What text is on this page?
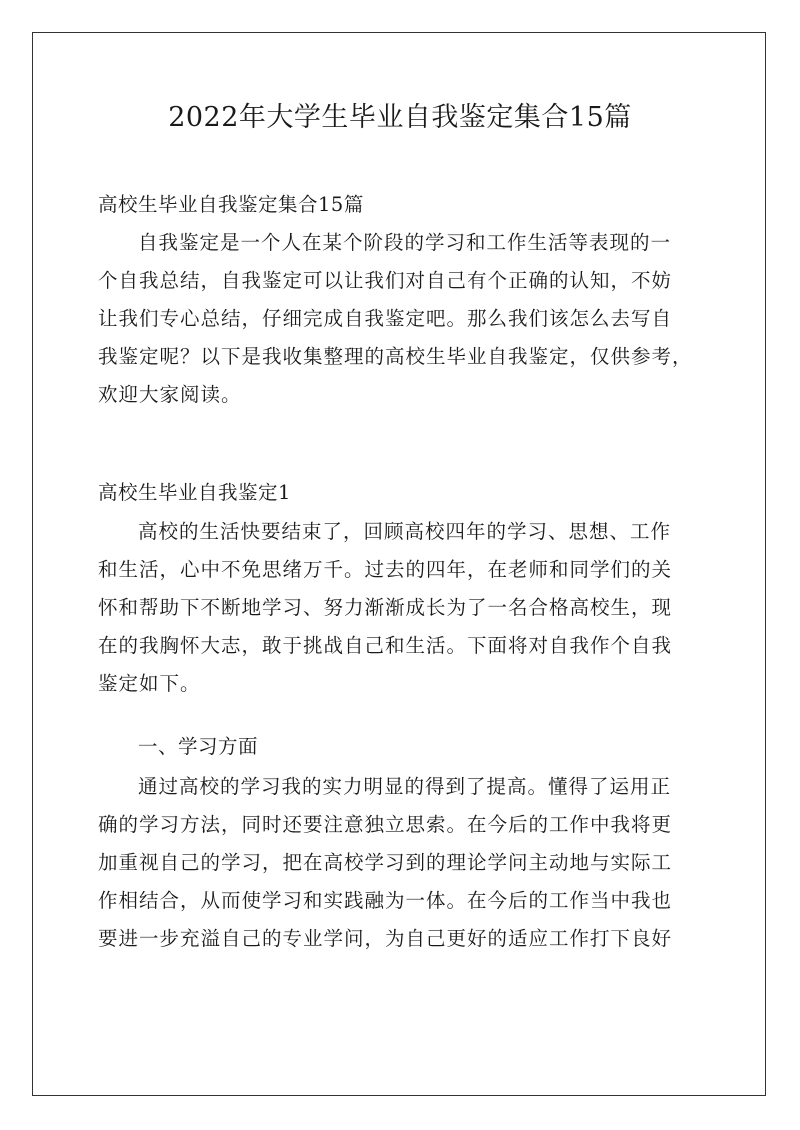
2022年大学生毕业自我鉴定集合15篇
高校生毕业自我鉴定集合15篇
自我鉴定是一个人在某个阶段的学习和工作生活等表现的一
个自我总结，自我鉴定可以让我们对自己有个正确的认知，不妨
让我们专心总结，仔细完成自我鉴定吧。那么我们该怎么去写自
我鉴定呢？以下是我收集整理的高校生毕业自我鉴定，仅供参考，
欢迎大家阅读。
高校生毕业自我鉴定1
高校的生活快要结束了，回顾高校四年的学习、思想、工作
和生活，心中不免思绪万千。过去的四年，在老师和同学们的关
怀和帮助下不断地学习、努力渐渐成长为了一名合格高校生，现
在的我胸怀大志，敢于挑战自己和生活。下面将对自我作个自我
鉴定如下。
一、学习方面
通过高校的学习我的实力明显的得到了提高。懂得了运用正
确的学习方法，同时还要注意独立思索。在今后的工作中我将更
加重视自己的学习，把在高校学习到的理论学问主动地与实际工
作相结合，从而使学习和实践融为一体。在今后的工作当中我也
要进一步充溢自己的专业学问，为自己更好的适应工作打下良好
